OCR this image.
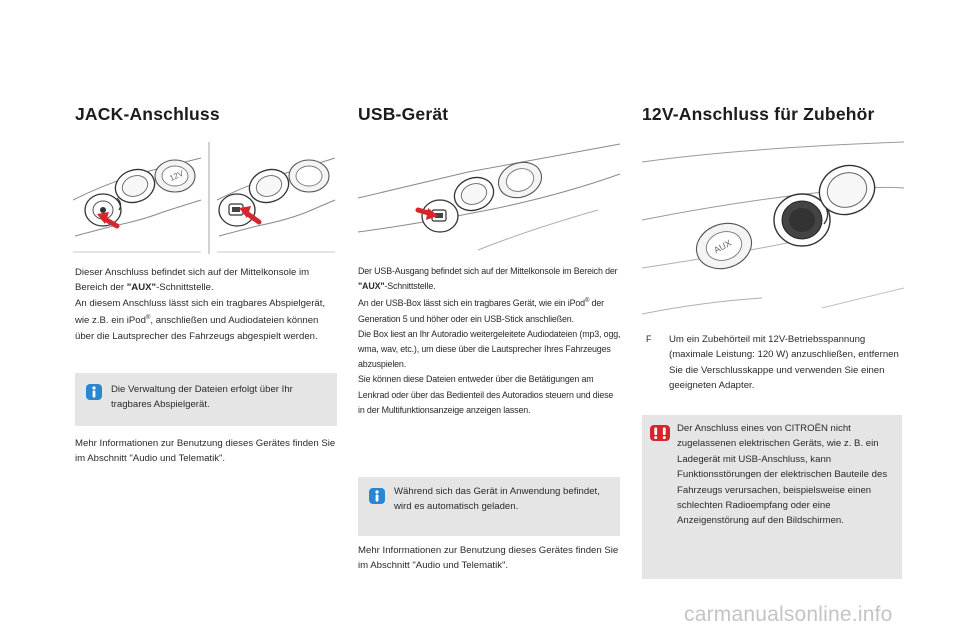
JACK-Anschluss
12V

Dieser Anschluss befindet sich auf der Mittelkonsole im Bereich der "AUX"-Schnittstelle.

An diesem Anschluss lässt sich ein tragbares Abspielgerät, wie z.B. ein iPod®, anschließen und Audiodateien können über die Lautsprecher des Fahrzeugs abgespielt werden.

Die Verwaltung der Dateien erfolgt über Ihr tragbares Abspielgerät.

Mehr Informationen zur Benutzung dieses Gerätes finden Sie im Abschnitt "Audio und Telematik".

USB-Gerät

Der USB-Ausgang befindet sich auf der Mittelkonsole im Bereich der "AUX"-Schnittstelle.

An der USB-Box lässt sich ein tragbares Gerät, wie ein iPod® der Generation 5 und höher oder ein USB-Stick anschließen.

Die Box liest an Ihr Autoradio weitergeleitete Audiodateien (mp3, ogg, wma, wav, etc.), um diese über die Lautsprecher Ihres Fahrzeuges abzuspielen.

Sie können diese Dateien entweder über die Betätigungen am Lenkrad oder über das Bedienteil des Autoradios steuern und diese in der Multifunktionsanzeige anzeigen lassen.

Während sich das Gerät in Anwendung befindet, wird es automatisch geladen.

Mehr Informationen zur Benutzung dieses Gerätes finden Sie im Abschnitt "Audio und Telematik".

12V-Anschluss für Zubehör
AUX
F Um ein Zubehörteil mit 12V-Betriebsspannung (maximale Leistung: 120 W) anzuschließen, entfernen Sie die Verschlusskappe und verwenden Sie einen geeigneten Adapter.

Der Anschluss eines von CITROËN nicht zugelassenen elektrischen Geräts, wie z. B. ein Ladegerät mit USB-Anschluss, kann Funktionsstörungen der elektrischen Bauteile des Fahrzeugs verursachen, beispielsweise einen schlechten Radioempfang oder eine Anzeigenstörung auf den Bildschirmen.

carmanualsonline.info
